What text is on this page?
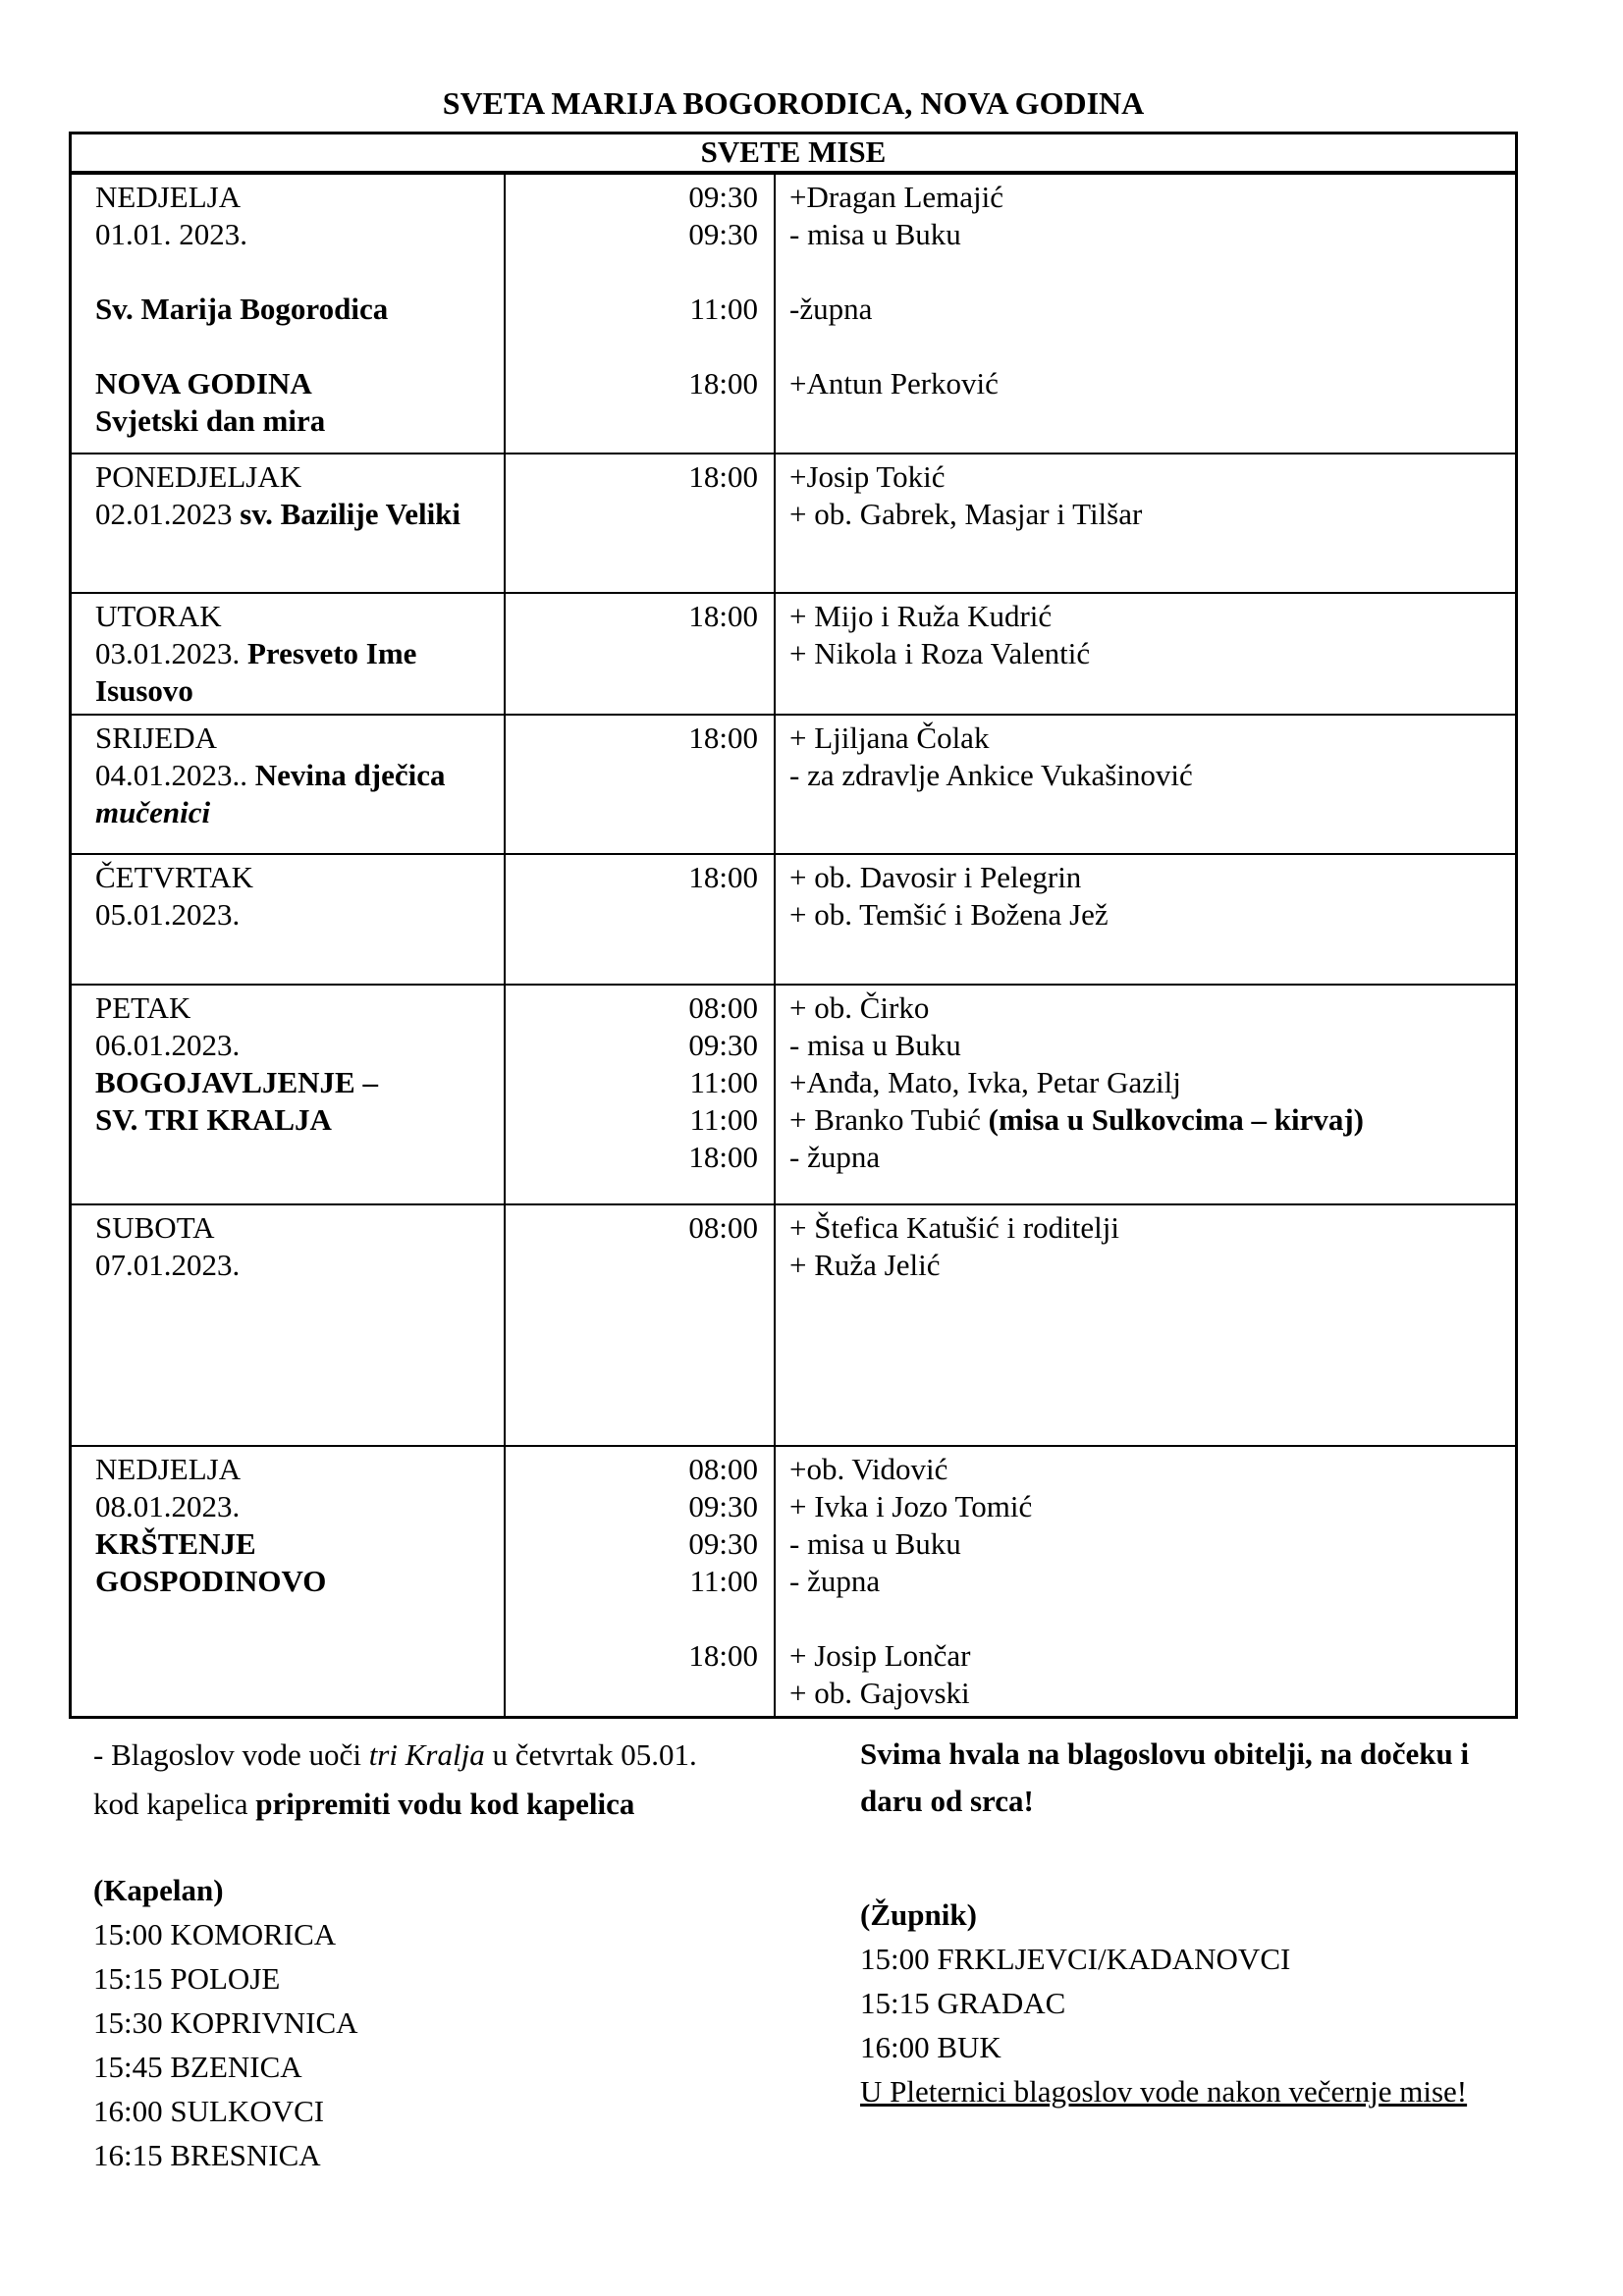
SVETA MARIJA BOGORODICA, NOVA GODINA
SVETE MISE
NEDJELJA
01.01. 2023.

Sv. Marija Bogorodica

NOVA GODINA
Svjetski dan mira
09:30
09:30

11:00

18:00
+Dragan Lemajić
- misa u Buku

-župna

+Antun Perković
PONEDJELJAK
02.01.2023 sv. Bazilije Veliki
18:00 +Josip Tokić
+ ob. Gabrek, Masjar i Tilšar
UTORAK
03.01.2023. Presveto Ime
Isusovo
18:00 + Mijo i Ruža Kudrić
+ Nikola i Roza Valentić
SRIJEDA
04.01.2023.. Nevina dječica
mučenici
18:00 + Ljiljana Čolak
- za zdravlje Ankice Vukašinović
ČETVRTAK
05.01.2023.
18:00 + ob. Davosir i Pelegrin
+ ob. Temšić i Božena Jež
PETAK
06.01.2023.
BOGOJAVLJENJE –
SV. TRI KRALJA
08:00
09:30
11:00
11:00
18:00
+ ob. Čirko
- misa u Buku
+Anđa, Mato, Ivka, Petar Gazilj
+ Branko Tubić (misa u Sulkovcima – kirvaj)
- župna
SUBOTA
07.01.2023.
08:00 + Štefica Katušić i roditelji
+ Ruža Jelić
NEDJELJA
08.01.2023.
KRŠTENJE
GOSPODINOVO
08:00
09:30
09:30
11:00

18:00
+ob. Vidović
+ Ivka i Jozo Tomić
- misa u Buku
- župna

+ Josip Lončar
+ ob. Gajovski
- Blagoslov vode uoči tri Kralja u četvrtak 05.01.
kod kapelica pripremiti vodu kod kapelica
Svima hvala na blagoslovu obitelji, na dočeku i
daru od srca!
(Kapelan)
15:00 KOMORICA
15:15 POLOJE
15:30 KOPRIVNICA
15:45 BZENICA
16:00 SULKOVCI
16:15 BRESNICA
(Župnik)
15:00 FRKLJEVCI/KADANOVCI
15:15 GRADAC
16:00 BUK
U Pleternici blagoslov vode nakon večernje mise!
